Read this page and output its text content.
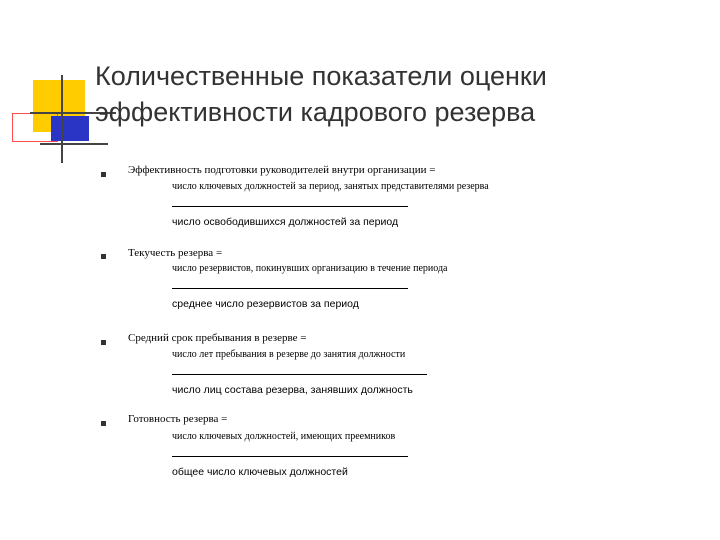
Количественные показатели оценки
эффективности кадрового резерва
Эффективность подготовки руководителей внутри организации =
число ключевых должностей за период, занятых представителями резерва
число освободившихся должностей за период
Текучесть резерва =
число резервистов, покинувших организацию в течение периода
среднее число резервистов за период
Средний срок пребывания в резерве =
число лет пребывания в резерве до занятия должности
число лиц состава резерва, занявших должность
Готовность резерва =
число ключевых должностей, имеющих преемников
общее число ключевых должностей
